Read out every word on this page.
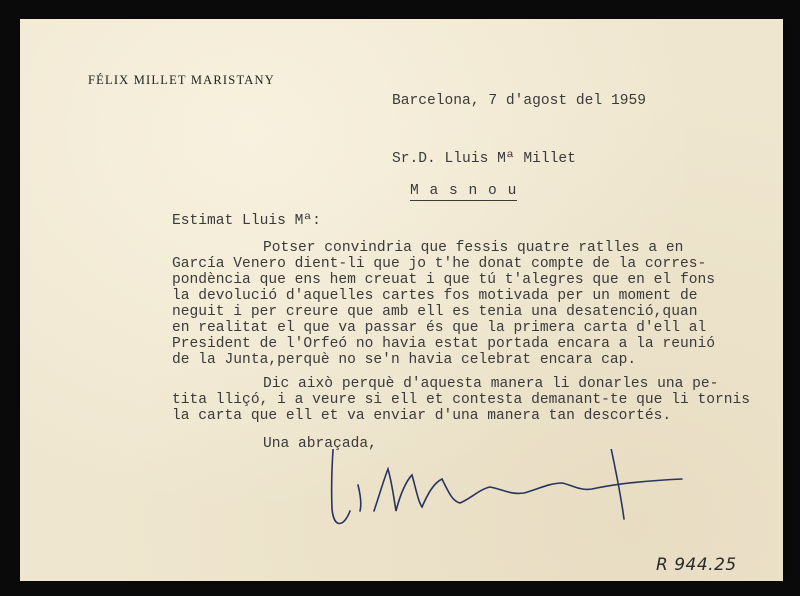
FÉLIX MILLET MARISTANY
Barcelona, 7 d'agost del 1959
Sr.D. Lluis Mª Millet
M a s n o u
Estimat Lluis Mª:
Potser convindria que fessis quatre ratlles a en
García Venero dient-li que jo t'he donat compte de la corres-
pondència que ens hem creuat i que tú t'alegres que en el fons
la devolució d'aquelles cartes fos motivada per un moment de
neguit i per creure que amb ell es tenia una desatenció,quan
en realitat el que va passar és que la primera carta d'ell al
President de l'Orfeó no havia estat portada encara a la reunió
de la Junta,perquè no se'n havia celebrat encara cap.
Dic això perquè d'aquesta manera li donarles una pe-
tita lliçó, i a veure si ell et contesta demanant-te que li tornis
la carta que ell et va enviar d'una manera tan descortés.
Una abraçada,
R 944.25
